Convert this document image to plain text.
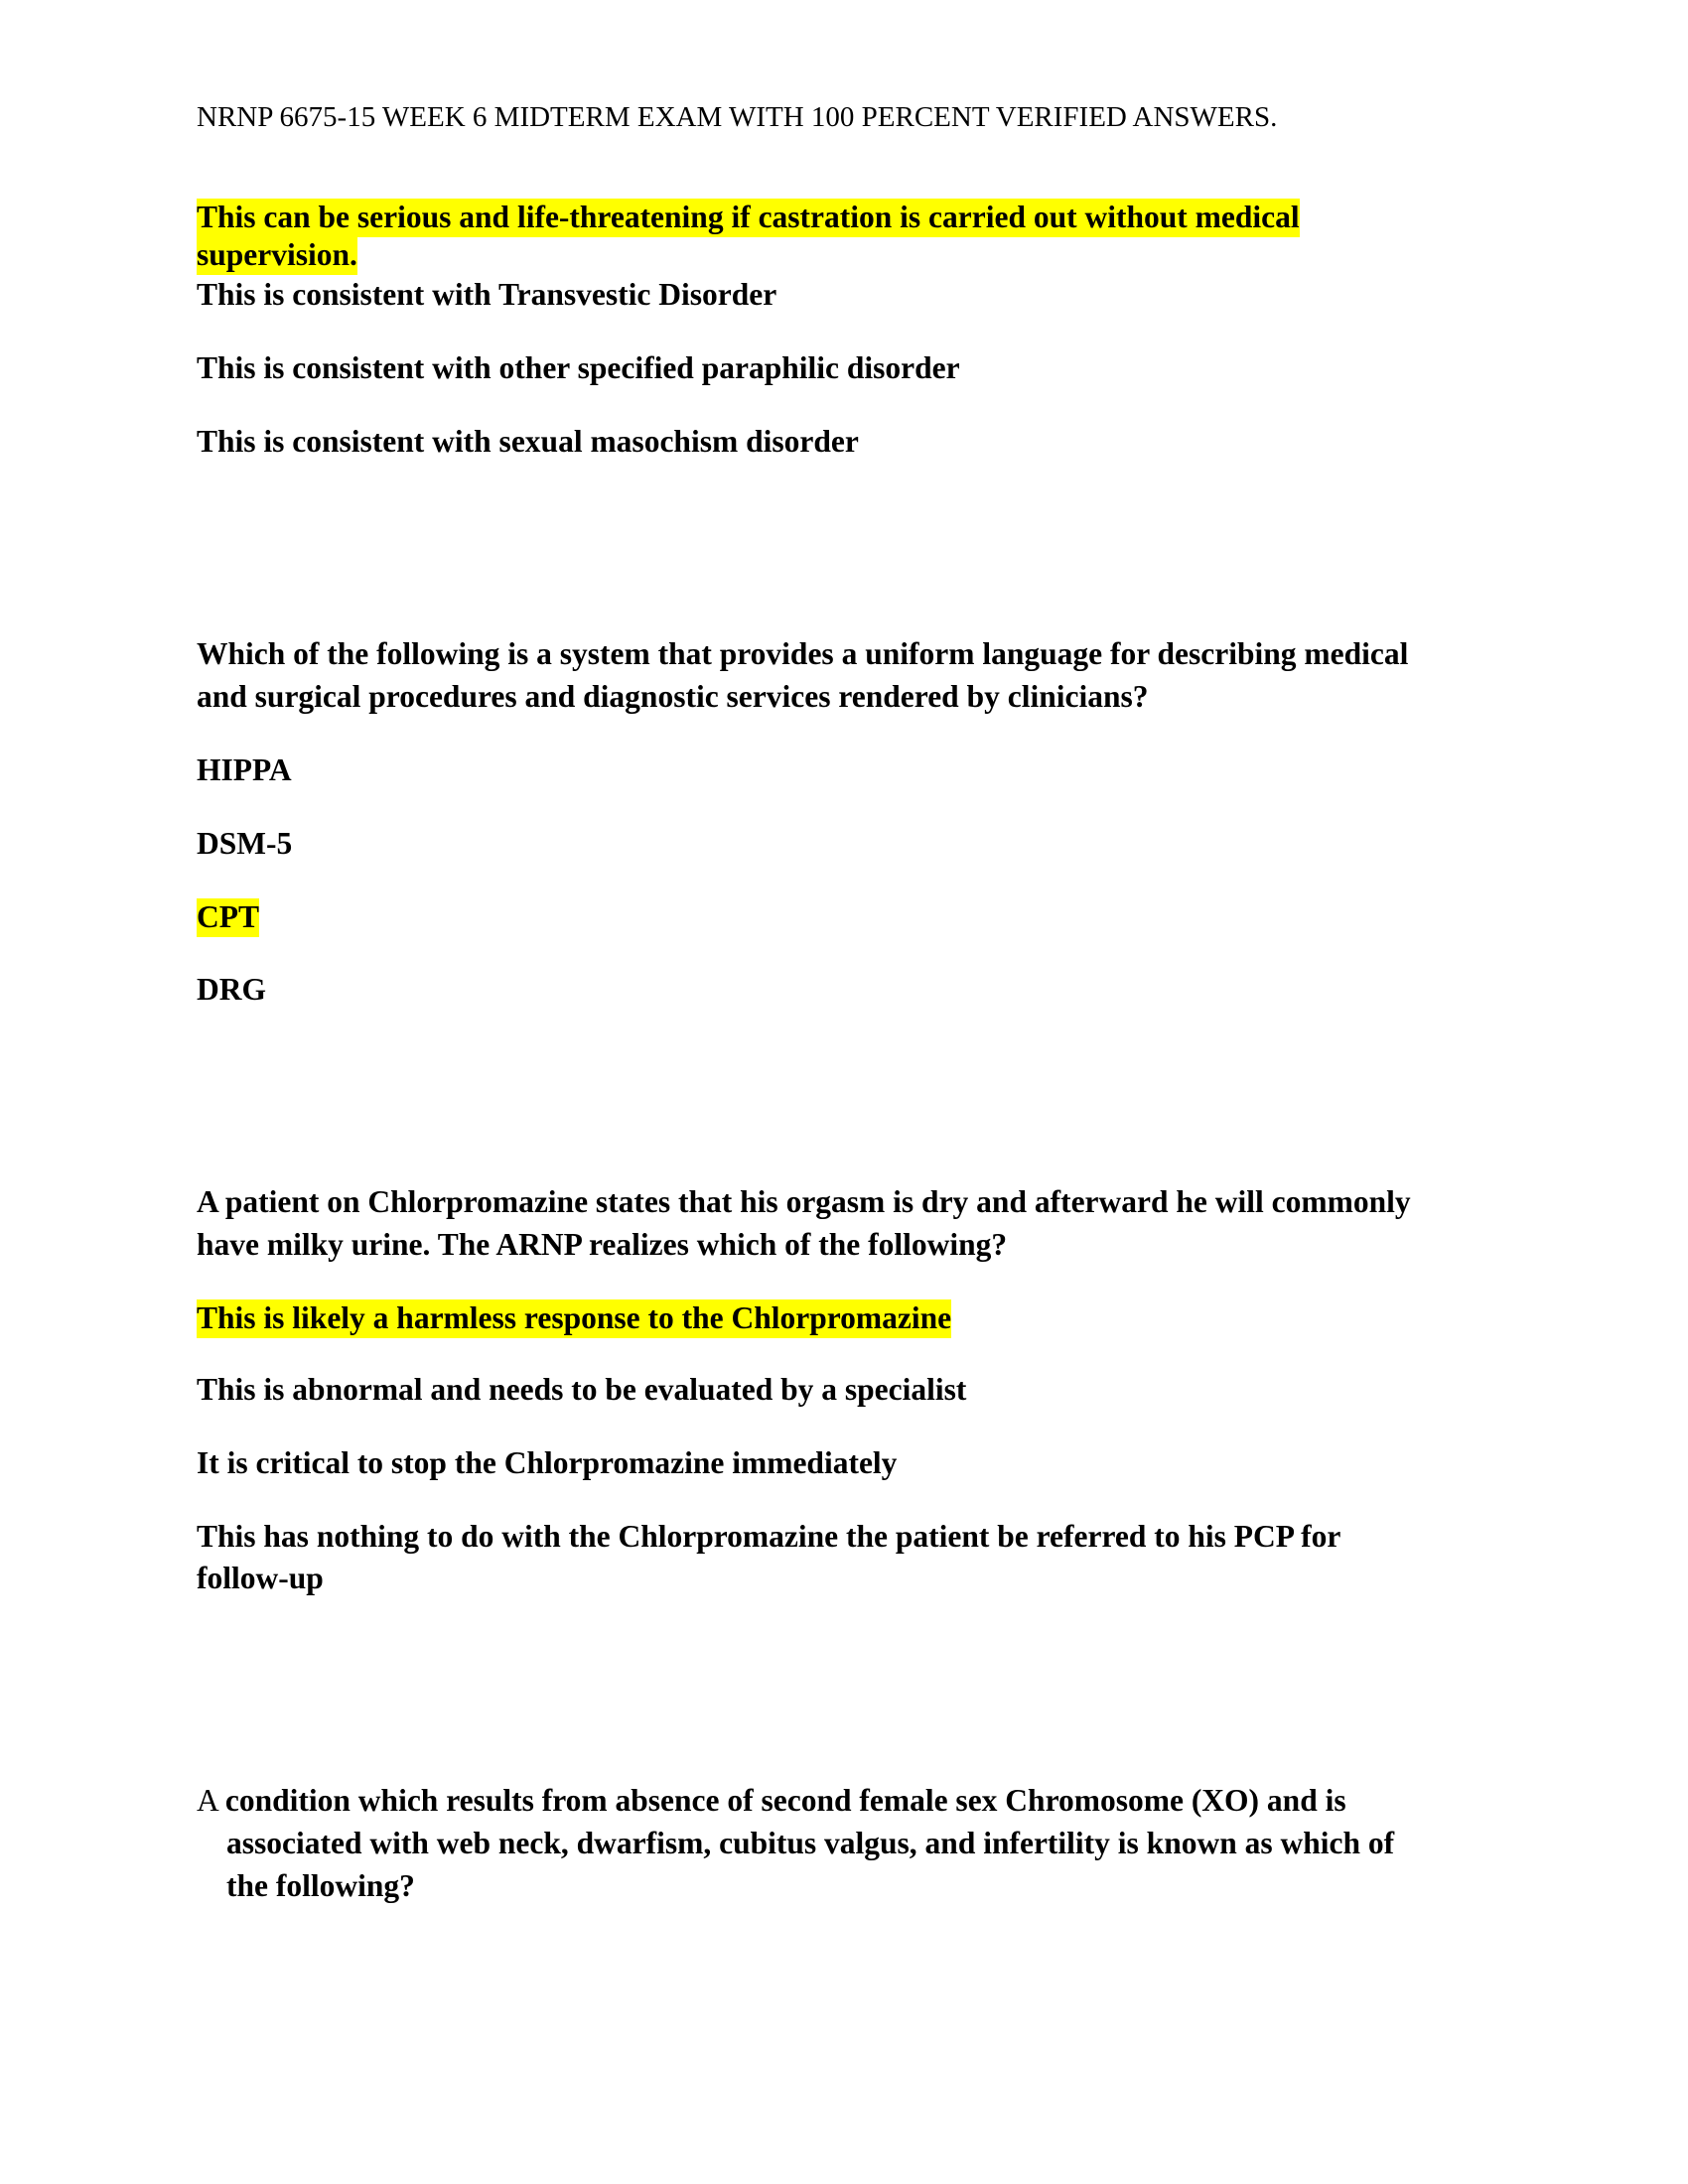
NRNP 6675-15 WEEK 6 MIDTERM EXAM WITH 100 PERCENT VERIFIED ANSWERS.
This can be serious and life-threatening if castration is carried out without medical
supervision.
This is consistent with Transvestic Disorder
This is consistent with other specified paraphilic disorder
This is consistent with sexual masochism disorder
Which of the following is a system that provides a uniform language for describing medical
and surgical procedures and diagnostic services rendered by clinicians?
HIPPA
DSM-5
CPT
DRG
A patient on Chlorpromazine states that his orgasm is dry and afterward he will commonly
have milky urine. The ARNP realizes which of the following?
This is likely a harmless response to the Chlorpromazine
This is abnormal and needs to be evaluated by a specialist
It is critical to stop the Chlorpromazine immediately
This has nothing to do with the Chlorpromazine the patient be referred to his PCP for
follow-up
A condition which results from absence of second female sex Chromosome (XO) and is
associated with web neck, dwarfism, cubitus valgus, and infertility is known as which of
the following?
